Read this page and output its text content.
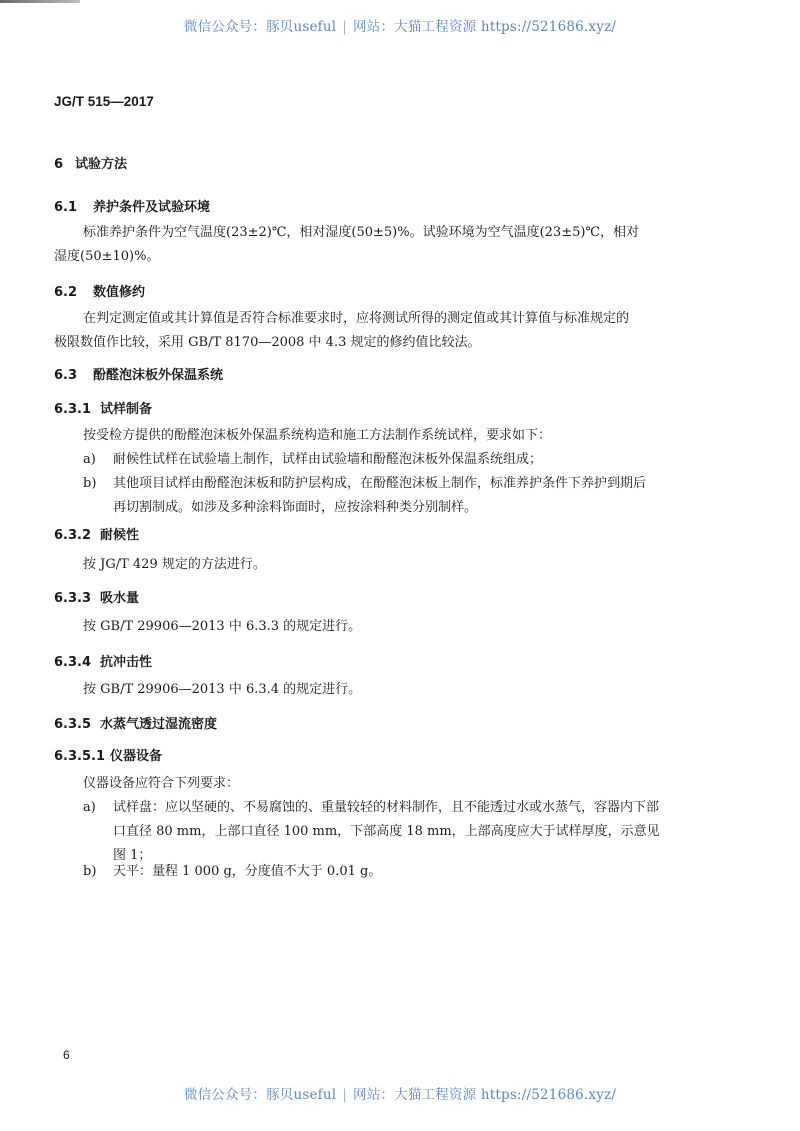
微信公众号：豚贝useful | 网站：大猫工程资源 https://521686.xyz/
JG/T 515—2017
6 试验方法
6.1 养护条件及试验环境
标准养护条件为空气温度(23±2)℃，相对湿度(50±5)%。试验环境为空气温度(23±5)℃，相对
湿度(50±10)%。
6.2 数值修约
在判定测定值或其计算值是否符合标准要求时，应将测试所得的测定值或其计算值与标准规定的
极限数值作比较，采用 GB/T 8170—2008 中 4.3 规定的修约值比较法。
6.3 酚醛泡沫板外保温系统
6.3.1 试样制备
按受检方提供的酚醛泡沫板外保温系统构造和施工方法制作系统试样，要求如下：
a) 耐候性试样在试验墙上制作，试样由试验墙和酚醛泡沫板外保温系统组成；
b) 其他项目试样由酚醛泡沫板和防护层构成，在酚醛泡沫板上制作，标准养护条件下养护到期后
再切割制成。如涉及多种涂料饰面时，应按涂料种类分别制样。
6.3.2 耐候性
按 JG/T 429 规定的方法进行。
6.3.3 吸水量
按 GB/T 29906—2013 中 6.3.3 的规定进行。
6.3.4 抗冲击性
按 GB/T 29906—2013 中 6.3.4 的规定进行。
6.3.5 水蒸气透过湿流密度
6.3.5.1 仪器设备
仪器设备应符合下列要求：
a) 试样盘：应以坚硬的、不易腐蚀的、重量较轻的材料制作，且不能透过水或水蒸气，容器内下部
口直径 80 mm，上部口直径 100 mm，下部高度 18 mm，上部高度应大于试样厚度，示意见
图 1；
b) 天平：量程 1 000 g，分度值不大于 0.01 g。
6
微信公众号：豚贝useful | 网站：大猫工程资源 https://521686.xyz/
